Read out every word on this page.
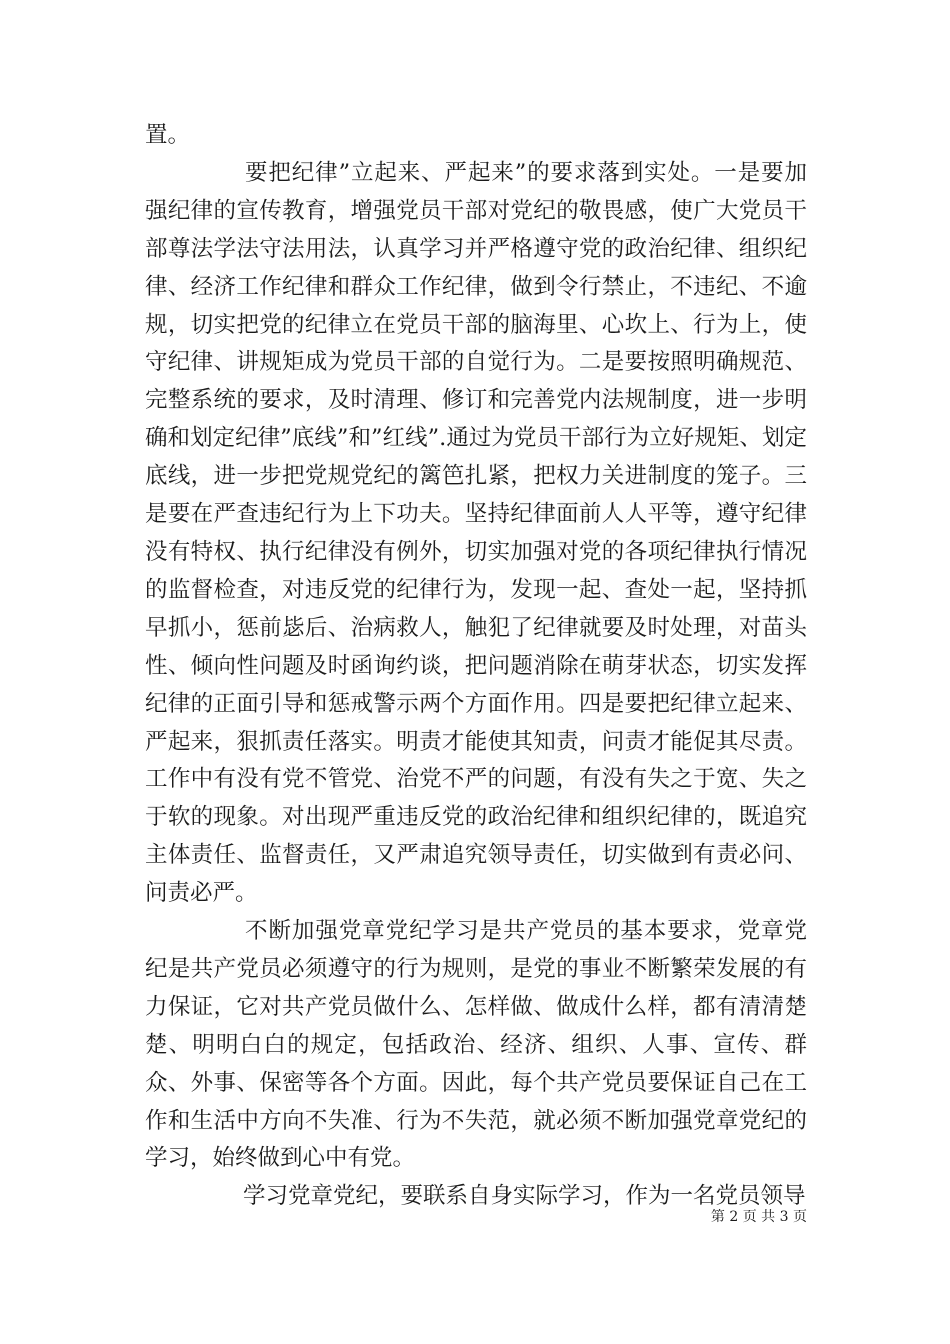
置。

要把纪律”立起来、严起来”的要求落到实处。一是要加强纪律的宣传教育，增强党员干部对党纪的敬畏感，使广大党员干部尊法学法守法用法，认真学习并严格遵守党的政治纪律、组织纪律、经济工作纪律和群众工作纪律，做到令行禁止，不违纪、不逾规，切实把党的纪律立在党员干部的脑海里、心坎上、行为上，使守纪律、讲规矩成为党员干部的自觉行为。二是要按照明确规范、完整系统的要求，及时清理、修订和完善党内法规制度，进一步明确和划定纪律”底线”和”红线”.通过为党员干部行为立好规矩、划定底线，进一步把党规党纪的篱笆扎紧，把权力关进制度的笼子。三是要在严查违纪行为上下功夫。坚持纪律面前人人平等，遵守纪律没有特权、执行纪律没有例外，切实加强对党的各项纪律执行情况的监督检查，对违反党的纪律行为，发现一起、查处一起，坚持抓早抓小，惩前毖后、治病救人，触犯了纪律就要及时处理，对苗头性、倾向性问题及时函询约谈，把问题消除在萌芽状态，切实发挥纪律的正面引导和惩戒警示两个方面作用。四是要把纪律立起来、严起来，狠抓责任落实。明责才能使其知责，问责才能促其尽责。工作中有没有党不管党、治党不严的问题，有没有失之于宽、失之于软的现象。对出现严重违反党的政治纪律和组织纪律的，既追究主体责任、监督责任，又严肃追究领导责任，切实做到有责必问、问责必严。

不断加强党章党纪学习是共产党员的基本要求，党章党纪是共产党员必须遵守的行为规则，是党的事业不断繁荣发展的有力保证，它对共产党员做什么、怎样做、做成什么样，都有清清楚楚、明明白白的规定，包括政治、经济、组织、人事、宣传、群众、外事、保密等各个方面。因此，每个共产党员要保证自己在工作和生活中方向不失准、行为不失范，就必须不断加强党章党纪的学习，始终做到心中有党。

学习党章党纪，要联系自身实际学习，作为一名党员领导

第 2 页 共 3 页
